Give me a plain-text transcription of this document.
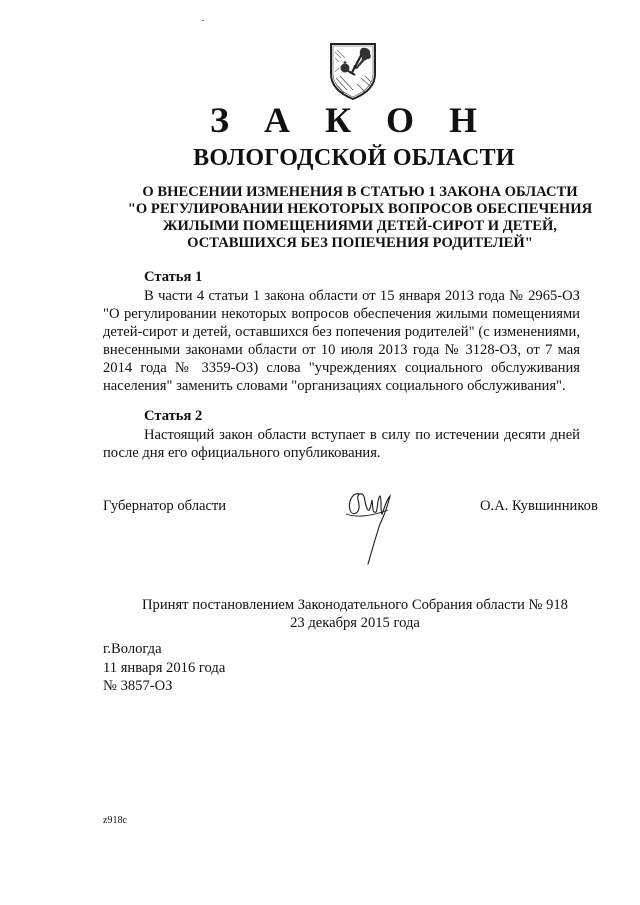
З А К О Н
ВОЛОГОДСКОЙ ОБЛАСТИ
О ВНЕСЕНИИ ИЗМЕНЕНИЯ В СТАТЬЮ 1 ЗАКОНА ОБЛАСТИ
"О РЕГУЛИРОВАНИИ НЕКОТОРЫХ ВОПРОСОВ ОБЕСПЕЧЕНИЯ
ЖИЛЫМИ ПОМЕЩЕНИЯМИ ДЕТЕЙ-СИРОТ И ДЕТЕЙ,
ОСТАВШИХСЯ БЕЗ ПОПЕЧЕНИЯ РОДИТЕЛЕЙ"
Статья 1
В части 4 статьи 1 закона области от 15 января 2013 года № 2965-ОЗ
"О регулировании некоторых вопросов обеспечения жилыми помещениями
детей-сирот и детей, оставшихся без попечения родителей" (с изменениями,
внесенными законами области от 10 июля 2013 года № 3128-ОЗ, от 7 мая
2014 года № 3359-ОЗ) слова "учреждениях социального обслуживания
населения" заменить словами "организациях социального обслуживания".
Статья 2
Настоящий закон области вступает в силу по истечении десяти дней
после дня его официального опубликования.
Губернатор области	О.А. Кувшинников
Принят постановлением Законодательного Собрания области № 918
23 декабря 2015 года
г.Вологда
11 января 2016 года
№ 3857-ОЗ
z918c
